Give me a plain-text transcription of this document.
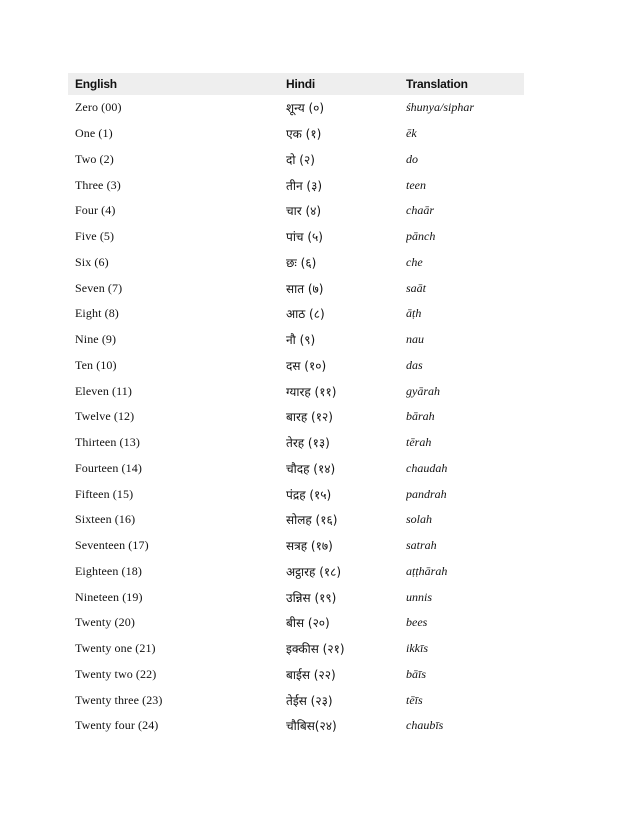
English	Hindi	Translation
Zero (00)	शून्य (०)	śhunya/siphar
One (1)	एक (१)	ēk
Two (2)	दो (२)	do
Three (3)	तीन (३)	teen
Four (4)	चार (४)	chaār
Five (5)	पांच (५)	pānch
Six (6)	छः (६)	che
Seven (7)	सात (७)	saāt
Eight (8)	आठ (८)	āṭh
Nine (9)	नौ (९)	nau
Ten (10)	दस (१०)	das
Eleven (11)	ग्यारह (११)	gyārah
Twelve (12)	बारह (१२)	bārah
Thirteen (13)	तेरह (१३)	tērah
Fourteen (14)	चौदह (१४)	chaudah
Fifteen (15)	पंद्रह (१५)	pandrah
Sixteen (16)	सोलह (१६)	solah
Seventeen (17)	सत्रह (१७)	satrah
Eighteen (18)	अट्ठारह (१८)	aṭṭhārah
Nineteen (19)	उन्निस (१९)	unnis
Twenty (20)	बीस (२०)	bees
Twenty one (21)	इक्कीस (२१)	ikkīs
Twenty two (22)	बाईस (२२)	bāīs
Twenty three (23)	तेईस (२३)	tēīs
Twenty four (24)	चौबिस(२४)	chaubīs
